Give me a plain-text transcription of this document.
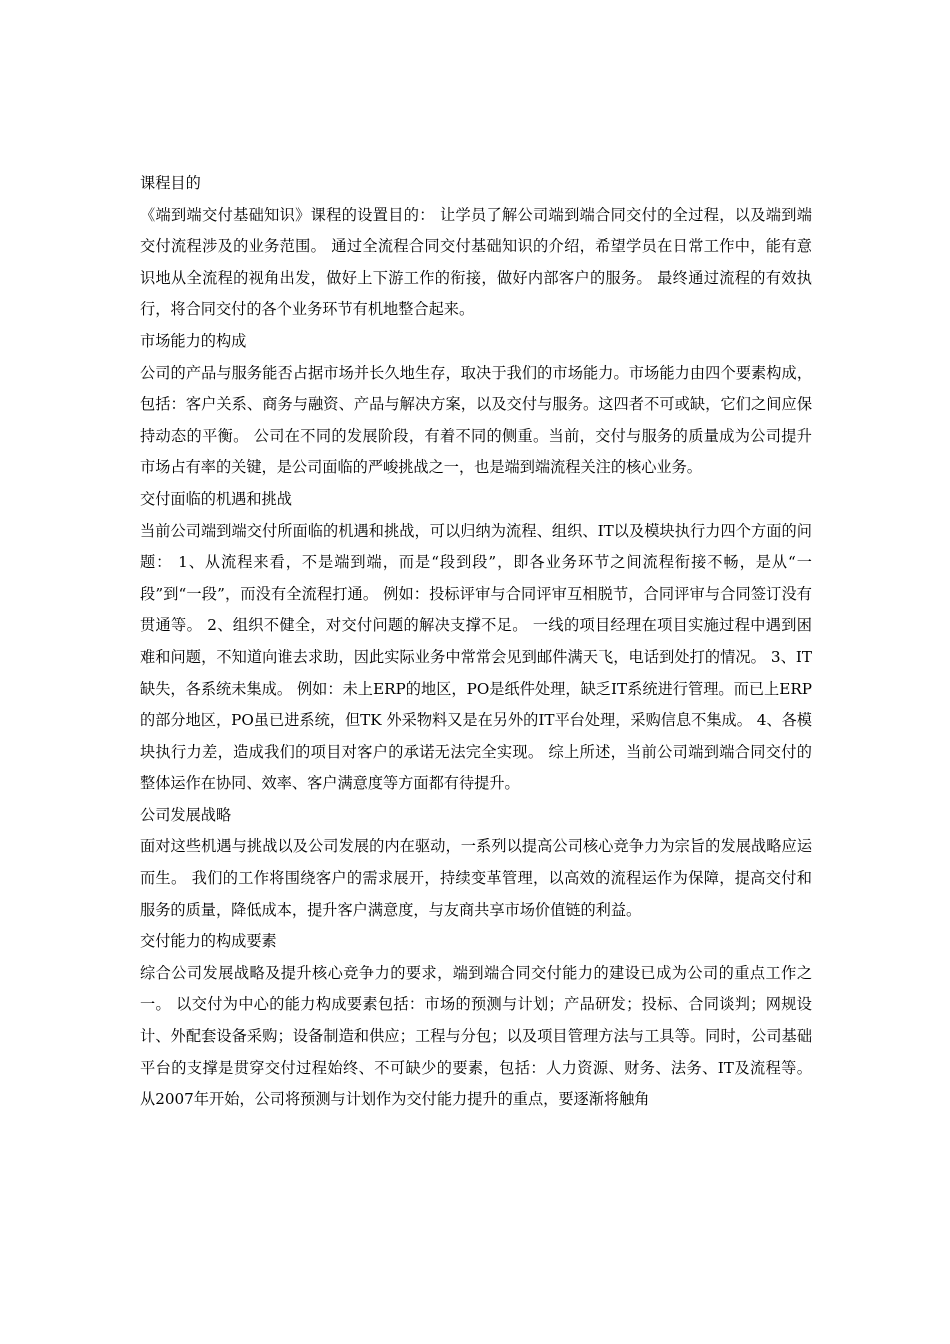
课程目的

《端到端交付基础知识》课程的设置目的： 让学员了解公司端到端合同交付的全过程，以及端到端交付流程涉及的业务范围。 通过全流程合同交付基础知识的介绍，希望学员在日常工作中，能有意识地从全流程的视角出发，做好上下游工作的衔接，做好内部客户的服务。 最终通过流程的有效执行，将合同交付的各个业务环节有机地整合起来。

市场能力的构成

公司的产品与服务能否占据市场并长久地生存，取决于我们的市场能力。市场能力由四个要素构成，包括：客户关系、商务与融资、产品与解决方案，以及交付与服务。这四者不可或缺，它们之间应保持动态的平衡。 公司在不同的发展阶段，有着不同的侧重。当前，交付与服务的质量成为公司提升市场占有率的关键，是公司面临的严峻挑战之一，也是端到端流程关注的核心业务。

交付面临的机遇和挑战

当前公司端到端交付所面临的机遇和挑战，可以归纳为流程、组织、IT以及模块执行力四个方面的问题： 1、从流程来看，不是端到端，而是“段到段”，即各业务环节之间流程衔接不畅，是从“一段”到“一段”，而没有全流程打通。 例如：投标评审与合同评审互相脱节，合同评审与合同签订没有贯通等。 2、组织不健全，对交付问题的解决支撑不足。 一线的项目经理在项目实施过程中遇到困难和问题，不知道向谁去求助，因此实际业务中常常会见到邮件满天飞，电话到处打的情况。 3、IT缺失，各系统未集成。 例如：未上ERP的地区，PO是纸件处理，缺乏IT系统进行管理。而已上ERP的部分地区，PO虽已进系统，但TK 外采物料又是在另外的IT平台处理，采购信息不集成。 4、各模块执行力差，造成我们的项目对客户的承诺无法完全实现。 综上所述，当前公司端到端合同交付的整体运作在协同、效率、客户满意度等方面都有待提升。

公司发展战略

面对这些机遇与挑战以及公司发展的内在驱动，一系列以提高公司核心竞争力为宗旨的发展战略应运而生。 我们的工作将围绕客户的需求展开，持续变革管理，以高效的流程运作为保障，提高交付和服务的质量，降低成本，提升客户满意度，与友商共享市场价值链的利益。

交付能力的构成要素

综合公司发展战略及提升核心竞争力的要求，端到端合同交付能力的建设已成为公司的重点工作之一。 以交付为中心的能力构成要素包括：市场的预测与计划；产品研发；投标、合同谈判；网规设计、外配套设备采购；设备制造和供应；工程与分包；以及项目管理方法与工具等。同时，公司基础平台的支撑是贯穿交付过程始终、不可缺少的要素，包括：人力资源、财务、法务、IT及流程等。 从2007年开始，公司将预测与计划作为交付能力提升的重点，要逐渐将触角
